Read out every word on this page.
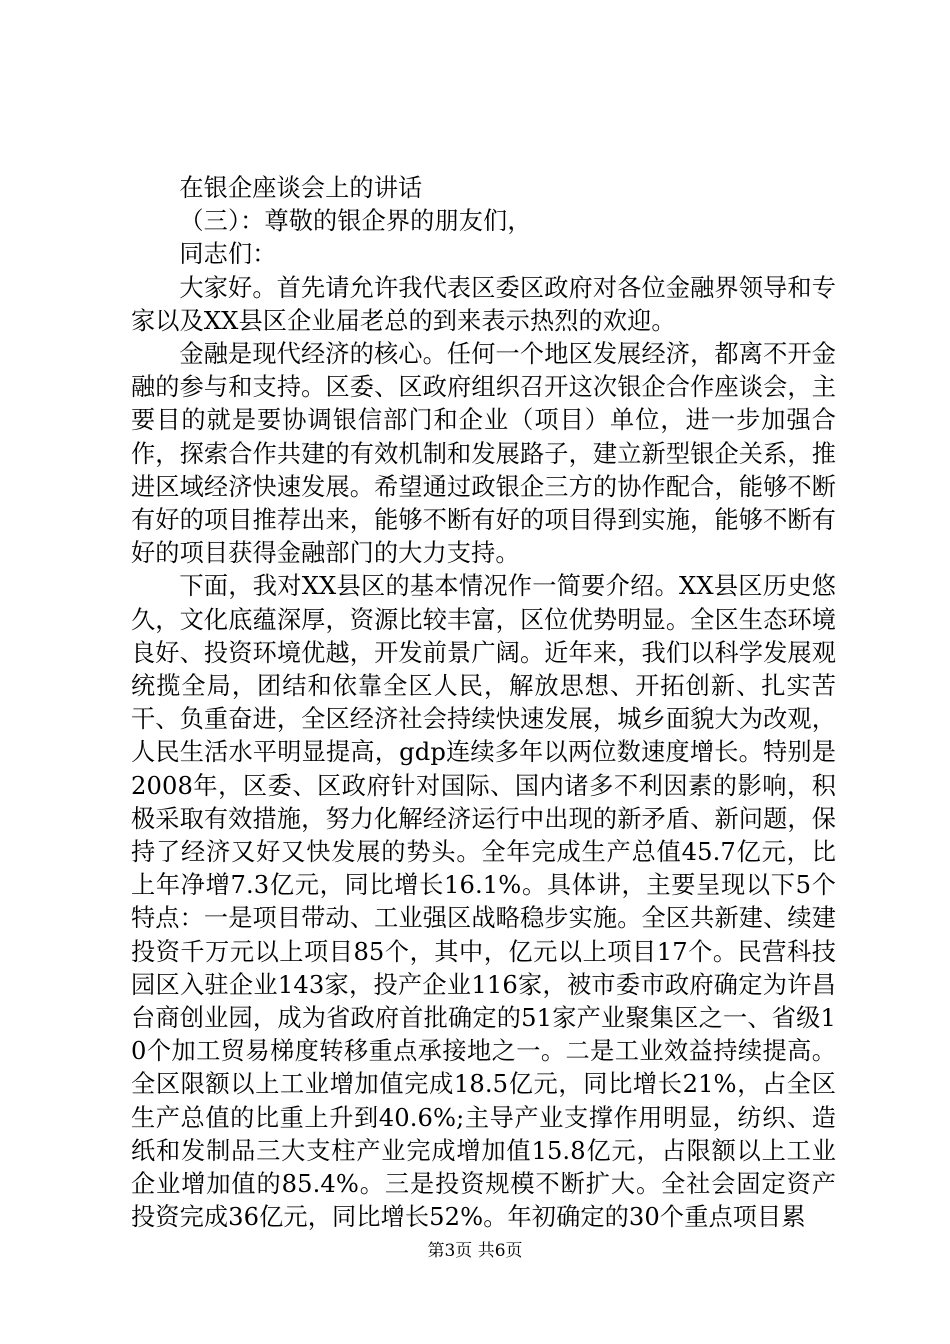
在银企座谈会上的讲话

（三）：尊敬的银企界的朋友们，

同志们：

大家好。首先请允许我代表区委区政府对各位金融界领导和专家以及XX县区企业届老总的到来表示热烈的欢迎。

金融是现代经济的核心。任何一个地区发展经济，都离不开金融的参与和支持。区委、区政府组织召开这次银企合作座谈会，主要目的就是要协调银信部门和企业（项目）单位，进一步加强合作，探索合作共建的有效机制和发展路子，建立新型银企关系，推进区域经济快速发展。希望通过政银企三方的协作配合，能够不断有好的项目推荐出来，能够不断有好的项目得到实施，能够不断有好的项目获得金融部门的大力支持。

下面，我对XX县区的基本情况作一简要介绍。XX县区历史悠久，文化底蕴深厚，资源比较丰富，区位优势明显。全区生态环境良好、投资环境优越，开发前景广阔。近年来，我们以科学发展观统揽全局，团结和依靠全区人民，解放思想、开拓创新、扎实苦干、负重奋进，全区经济社会持续快速发展，城乡面貌大为改观，人民生活水平明显提高，gdp连续多年以两位数速度增长。特别是2008年，区委、区政府针对国际、国内诸多不利因素的影响，积极采取有效措施，努力化解经济运行中出现的新矛盾、新问题，保持了经济又好又快发展的势头。全年完成生产总值45.7亿元，比上年净增7.3亿元，同比增长16.1%。具体讲，主要呈现以下5个特点：一是项目带动、工业强区战略稳步实施。全区共新建、续建投资千万元以上项目85个，其中，亿元以上项目17个。民营科技园区入驻企业143家，投产企业116家，被市委市政府确定为许昌台商创业园，成为省政府首批确定的51家产业聚集区之一、省级10个加工贸易梯度转移重点承接地之一。二是工业效益持续提高。全区限额以上工业增加值完成18.5亿元，同比增长21%，占全区生产总值的比重上升到40.6%;主导产业支撑作用明显，纺织、造纸和发制品三大支柱产业完成增加值15.8亿元，占限额以上工业企业增加值的85.4%。三是投资规模不断扩大。全社会固定资产投资完成36亿元，同比增长52%。年初确定的30个重点项目累

第3页 共6页
